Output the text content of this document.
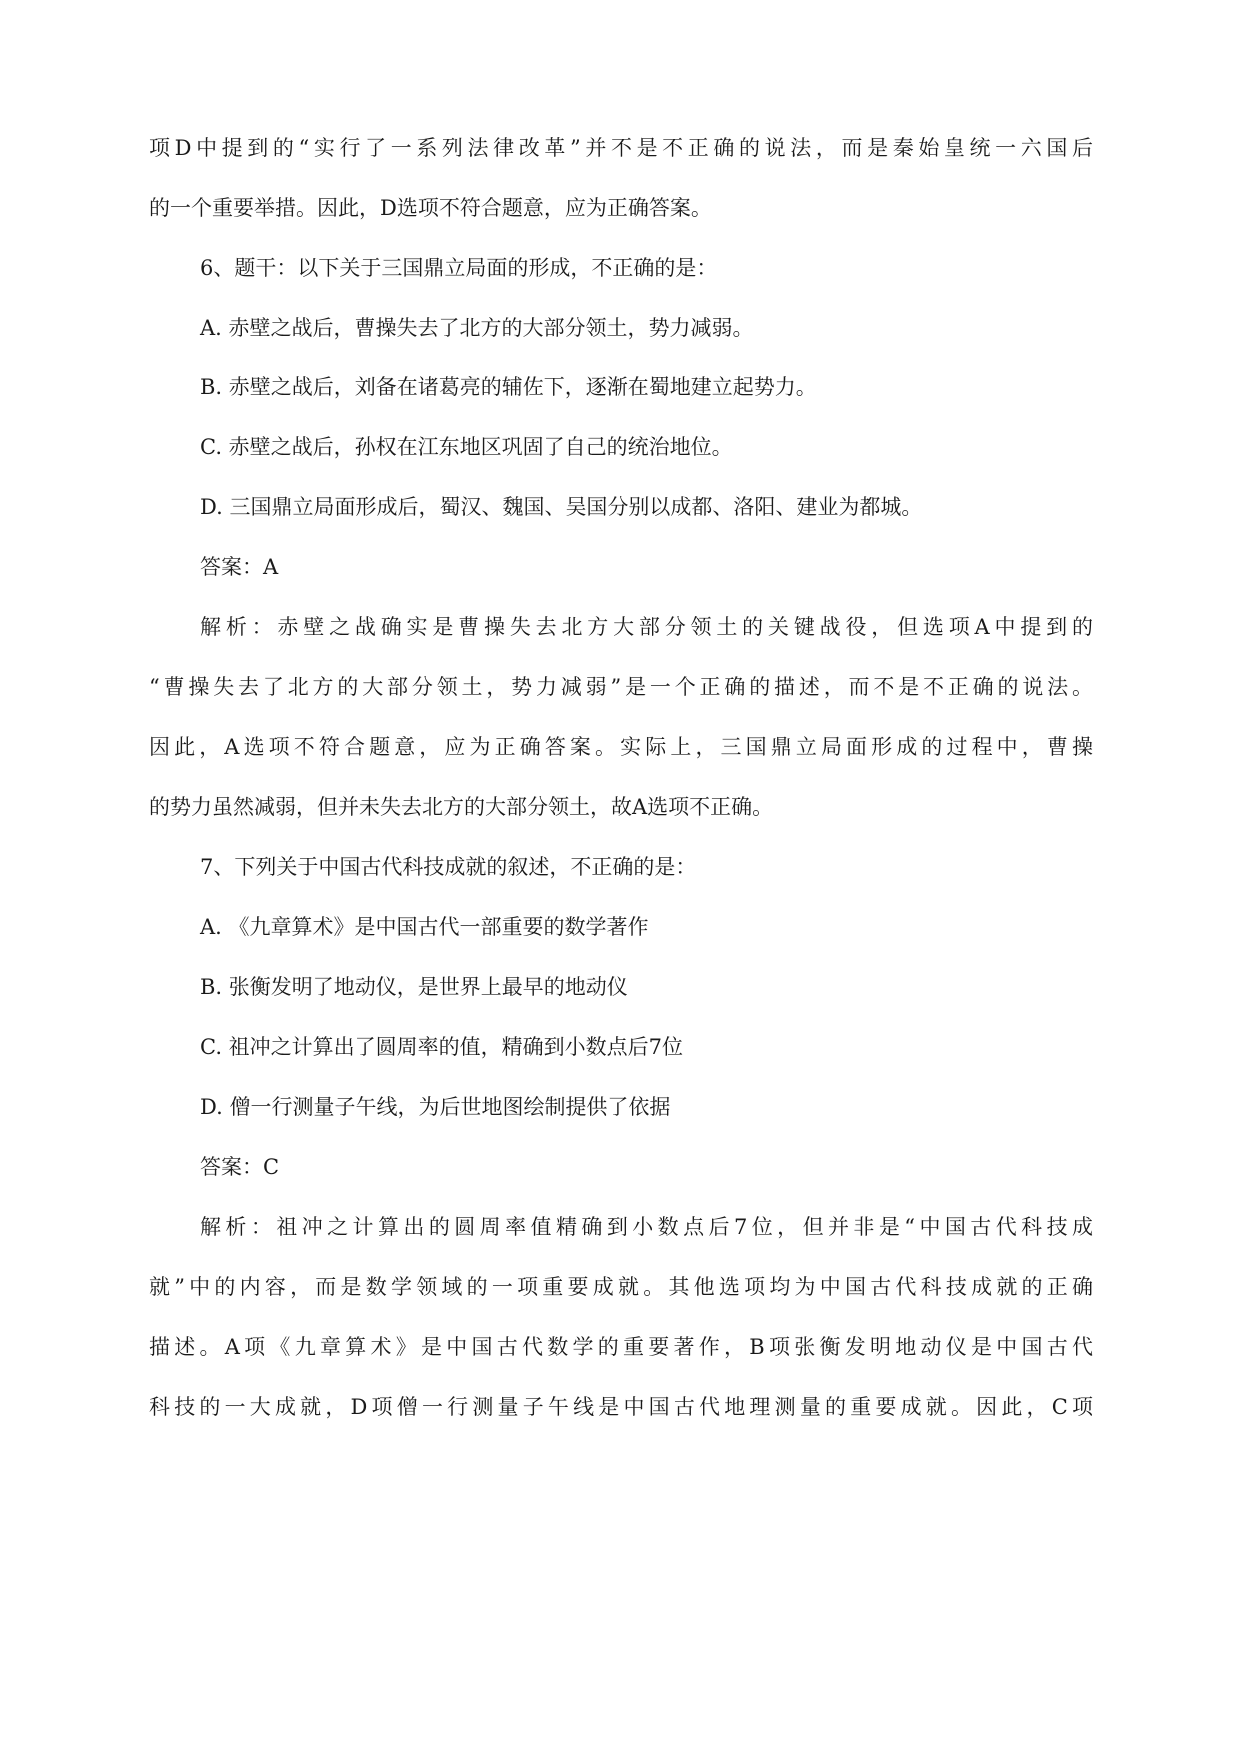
项D中提到的“实行了一系列法律改革”并不是不正确的说法，而是秦始皇统一六国后

的一个重要举措。因此，D选项不符合题意，应为正确答案。

6、题干：以下关于三国鼎立局面的形成，不正确的是：

A. 赤壁之战后，曹操失去了北方的大部分领土，势力减弱。

B. 赤壁之战后，刘备在诸葛亮的辅佐下，逐渐在蜀地建立起势力。

C. 赤壁之战后，孙权在江东地区巩固了自己的统治地位。

D. 三国鼎立局面形成后，蜀汉、魏国、吴国分别以成都、洛阳、建业为都城。

答案：A

解析：赤壁之战确实是曹操失去北方大部分领土的关键战役，但选项A中提到的

“曹操失去了北方的大部分领土，势力减弱”是一个正确的描述，而不是不正确的说法。

因此，A选项不符合题意，应为正确答案。实际上，三国鼎立局面形成的过程中，曹操

的势力虽然减弱，但并未失去北方的大部分领土，故A选项不正确。

7、下列关于中国古代科技成就的叙述，不正确的是：

A. 《九章算术》是中国古代一部重要的数学著作

B. 张衡发明了地动仪，是世界上最早的地动仪

C. 祖冲之计算出了圆周率的值，精确到小数点后7位

D. 僧一行测量子午线，为后世地图绘制提供了依据

答案：C

解析：祖冲之计算出的圆周率值精确到小数点后7位，但并非是“中国古代科技成

就”中的内容，而是数学领域的一项重要成就。其他选项均为中国古代科技成就的正确

描述。A项《九章算术》是中国古代数学的重要著作，B项张衡发明地动仪是中国古代

科技的一大成就，D项僧一行测量子午线是中国古代地理测量的重要成就。因此，C项
